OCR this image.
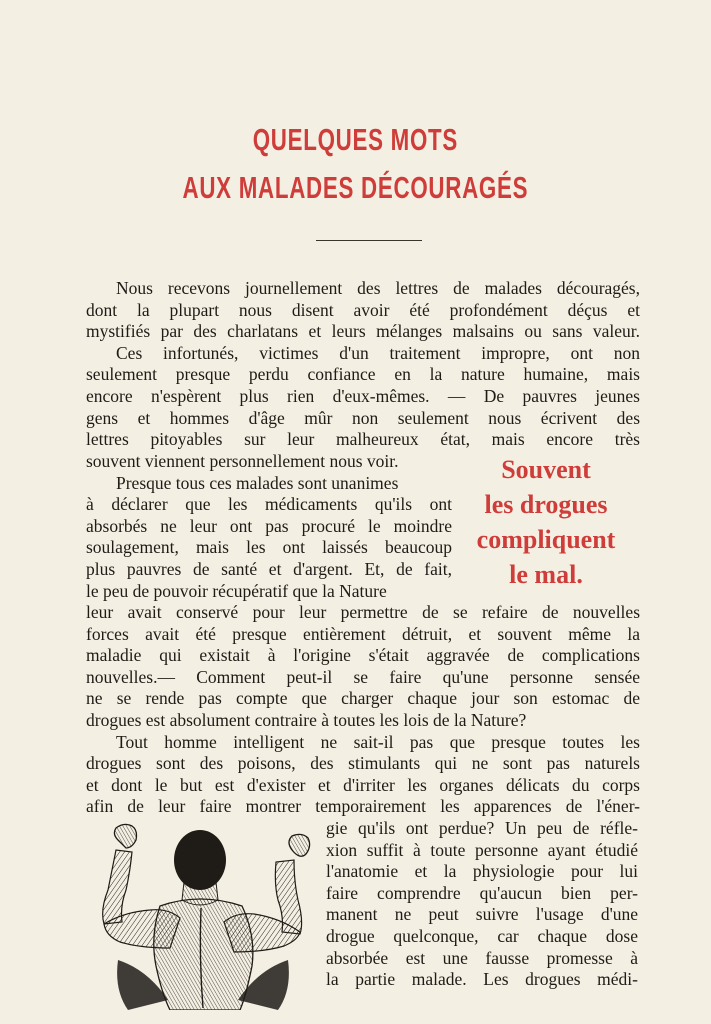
QUELQUES MOTS
AUX MALADES DÉCOURAGÉS
Nous recevons journellement des lettres de malades découragés,
dont la plupart nous disent avoir été profondément déçus et
mystifiés par des charlatans et leurs mélanges malsains ou sans valeur.
Ces infortunés, victimes d'un traitement impropre, ont non
seulement presque perdu confiance en la nature humaine, mais
encore n'espèrent plus rien d'eux-mêmes. — De pauvres jeunes
gens et hommes d'âge mûr non seulement nous écrivent des
lettres pitoyables sur leur malheureux état, mais encore très
souvent viennent personnellement nous voir.
Presque tous ces malades sont unanimes
à déclarer que les médicaments qu'ils ont
absorbés ne leur ont pas procuré le moindre
soulagement, mais les ont laissés beaucoup
plus pauvres de santé et d'argent. Et, de fait,
le peu de pouvoir récupératif que la Nature
Souvent
les drogues
compliquent
le mal.
leur avait conservé pour leur permettre de se refaire de nouvelles
forces avait été presque entièrement détruit, et souvent même la
maladie qui existait à l'origine s'était aggravée de complications
nouvelles.— Comment peut-il se faire qu'une personne sensée
ne se rende pas compte que charger chaque jour son estomac de
drogues est absolument contraire à toutes les lois de la Nature?
Tout homme intelligent ne sait-il pas que presque toutes les
drogues sont des poisons, des stimulants qui ne sont pas naturels
et dont le but est d'exister et d'irriter les organes délicats du corps
afin de leur faire montrer temporairement les apparences de l'éner-
gie qu'ils ont perdue? Un peu de réfle-
xion suffit à toute personne ayant étudié
l'anatomie et la physiologie pour lui
faire comprendre qu'aucun bien per-
manent ne peut suivre l'usage d'une
drogue quelconque, car chaque dose
absorbée est une fausse promesse à
la partie malade. Les drogues médi-
